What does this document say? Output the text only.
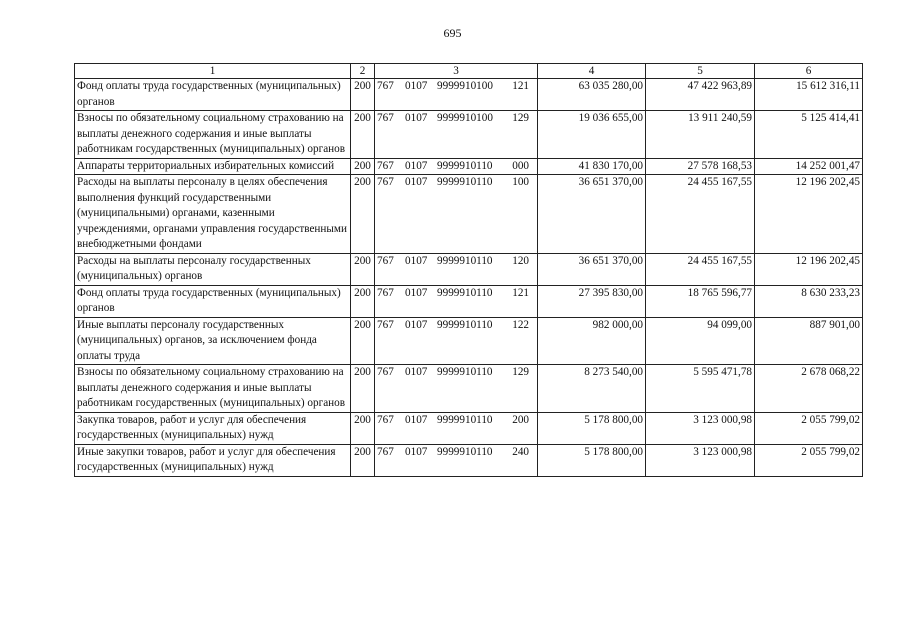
695
1	2	3	4	5	6
Фонд оплаты труда государственных (муниципальных) органов	200	767 0107 9999910100 121	63 035 280,00	47 422 963,89	15 612 316,11
Взносы по обязательному социальному страхованию на выплаты денежного содержания и иные выплаты работникам государственных (муниципальных) органов	200	767 0107 9999910100 129	19 036 655,00	13 911 240,59	5 125 414,41
Аппараты территориальных избирательных комиссий	200	767 0107 9999910110 000	41 830 170,00	27 578 168,53	14 252 001,47
Расходы на выплаты персоналу в целях обеспечения выполнения функций государственными (муниципальными) органами, казенными учреждениями, органами управления государственными внебюджетными фондами	200	767 0107 9999910110 100	36 651 370,00	24 455 167,55	12 196 202,45
Расходы на выплаты персоналу государственных (муниципальных) органов	200	767 0107 9999910110 120	36 651 370,00	24 455 167,55	12 196 202,45
Фонд оплаты труда государственных (муниципальных) органов	200	767 0107 9999910110 121	27 395 830,00	18 765 596,77	8 630 233,23
Иные выплаты персоналу государственных (муниципальных) органов, за исключением фонда оплаты труда	200	767 0107 9999910110 122	982 000,00	94 099,00	887 901,00
Взносы по обязательному социальному страхованию на выплаты денежного содержания и иные выплаты работникам государственных (муниципальных) органов	200	767 0107 9999910110 129	8 273 540,00	5 595 471,78	2 678 068,22
Закупка товаров, работ и услуг для обеспечения государственных (муниципальных) нужд	200	767 0107 9999910110 200	5 178 800,00	3 123 000,98	2 055 799,02
Иные закупки товаров, работ и услуг для обеспечения государственных (муниципальных) нужд	200	767 0107 9999910110 240	5 178 800,00	3 123 000,98	2 055 799,02
